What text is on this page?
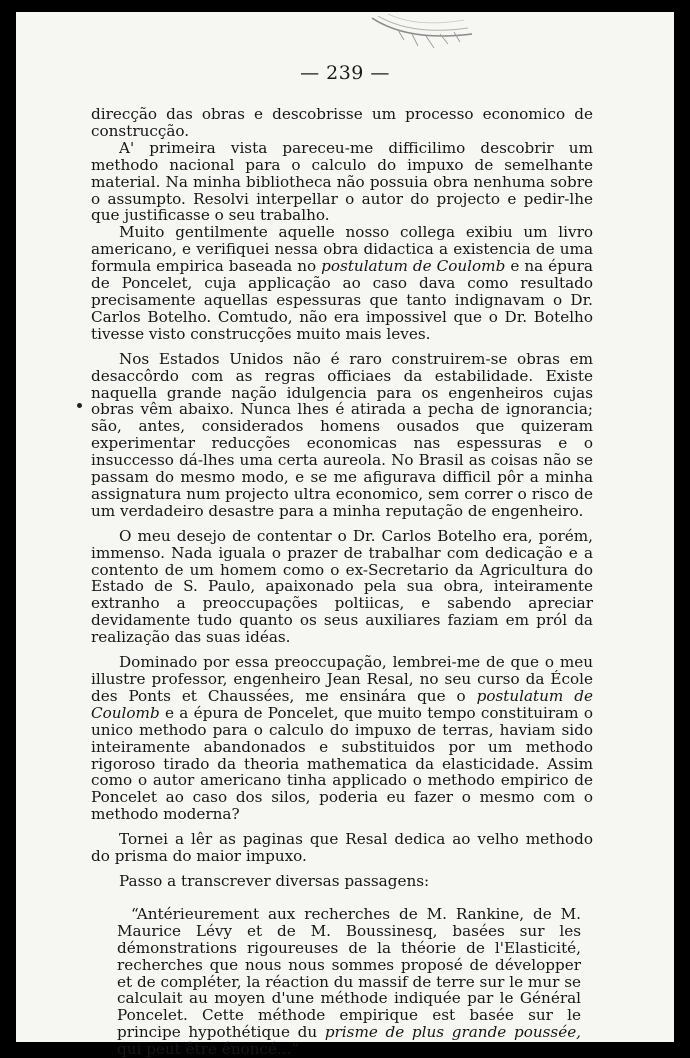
— 239 —

direcção das obras e descobrisse um processo economico de construcção.

A' primeira vista pareceu-me difficilimo descobrir um methodo nacional para o calculo do impuxo de semelhante material. Na minha bibliotheca não possuia obra nenhuma sobre o assumpto. Resolvi interpellar o autor do projecto e pedir-lhe que justificasse o seu trabalho.

Muito gentilmente aquelle nosso collega exibiu um livro americano, e verifiquei nessa obra didactica a existencia de uma formula empirica baseada no postulatum de Coulomb e na épura de Poncelet, cuja applicação ao caso dava como resultado precisamente aquellas espessuras que tanto indignavam o Dr. Carlos Botelho. Comtudo, não era impossivel que o Dr. Botelho tivesse visto construcções muito mais leves.

Nos Estados Unidos não é raro construirem-se obras em desaccôrdo com as regras officiaes da estabilidade. Existe naquella grande nação idulgencia para os engenheiros cujas obras vêm abaixo. Nunca lhes é atirada a pecha de ignorancia; são, antes, considerados homens ousados que quizeram experimentar reducções economicas nas espessuras e o insuccesso dá-lhes uma certa aureola. No Brasil as coisas não se passam do mesmo modo, e se me afigurava difficil pôr a minha assignatura num projecto ultra economico, sem correr o risco de um verdadeiro desastre para a minha reputação de engenheiro.

O meu desejo de contentar o Dr. Carlos Botelho era, porém, immenso. Nada iguala o prazer de trabalhar com dedicação e a contento de um homem como o ex-Secretario da Agricultura do Estado de S. Paulo, apaixonado pela sua obra, inteiramente extranho a preoccupações poltiicas, e sabendo apreciar devidamente tudo quanto os seus auxiliares faziam em pról da realização das suas idéas.

Dominado por essa preoccupação, lembrei-me de que o meu illustre professor, engenheiro Jean Resal, no seu curso da École des Ponts et Chaussées, me ensinára que o postulatum de Coulomb e a épura de Poncelet, que muito tempo constituiram o unico methodo para o calculo do impuxo de terras, haviam sido inteiramente abandonados e substituidos por um methodo rigoroso tirado da theoria mathematica da elasticidade. Assim como o autor americano tinha applicado o methodo empirico de Poncelet ao caso dos silos, poderia eu fazer o mesmo com o methodo moderna?

Tornei a lêr as paginas que Resal dedica ao velho methodo do prisma do maior impuxo.

Passo a transcrever diversas passagens:

“Antérieurement aux recherches de M. Rankine, de M. Maurice Lévy et de M. Boussinesq, basées sur les démonstrations rigoureuses de la théorie de l'Elasticité, recherches que nous nous sommes proposé de développer et de compléter, la réaction du massif de terre sur le mur se calculait au moyen d'une méthode indiquée par le Général Poncelet. Cette méthode empirique est basée sur le principe hypothétique du prisme de plus grande poussée, qui peut être énoncé...”
